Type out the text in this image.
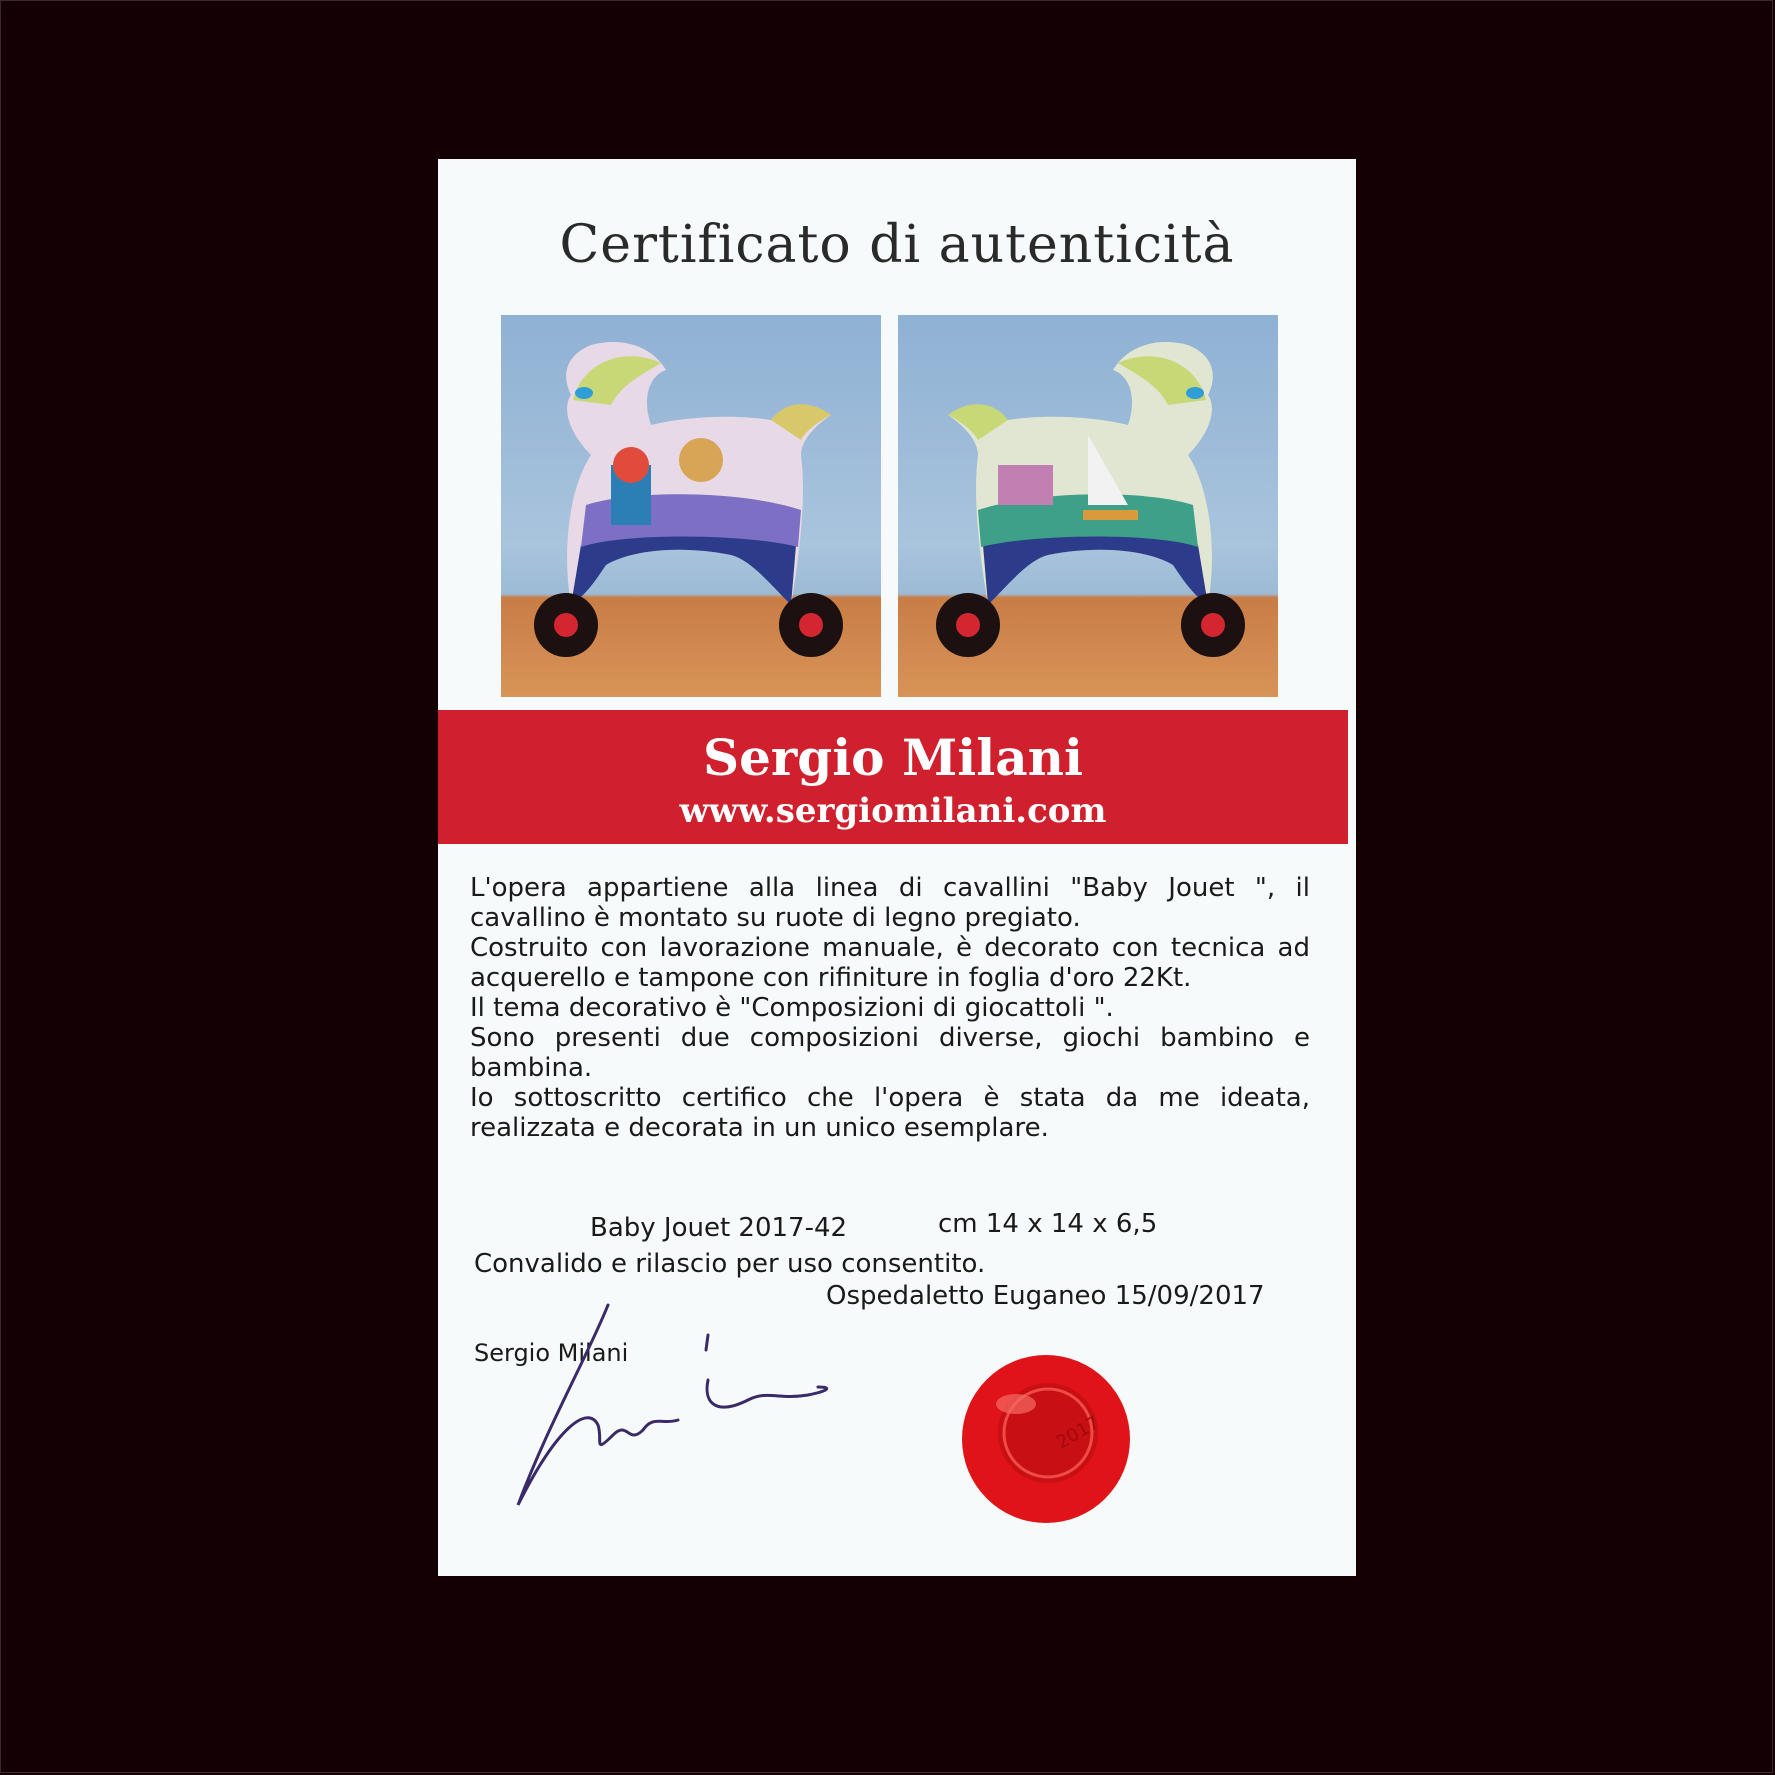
Certificato di autenticità
Sergio Milani
www.sergiomilani.com

L'opera appartiene alla linea di cavallini "Baby Jouet ", il cavallino è montato su ruote di legno pregiato.

Costruito con lavorazione manuale, è decorato con tecnica ad acquerello e tampone con rifiniture in foglia d'oro 22Kt.

Il tema decorativo è "Composizioni di giocattoli ".

Sono presenti due composizioni diverse, giochi bambino e bambina.

Io sottoscritto certifico che l'opera è stata da me ideata, realizzata e decorata in un unico esemplare.

Baby Jouet 2017-42	cm 14 x 14 x 6,5
Convalido e rilascio per uso consentito.
Ospedaletto Euganeo 15/09/2017
Sergio Milani
2017
